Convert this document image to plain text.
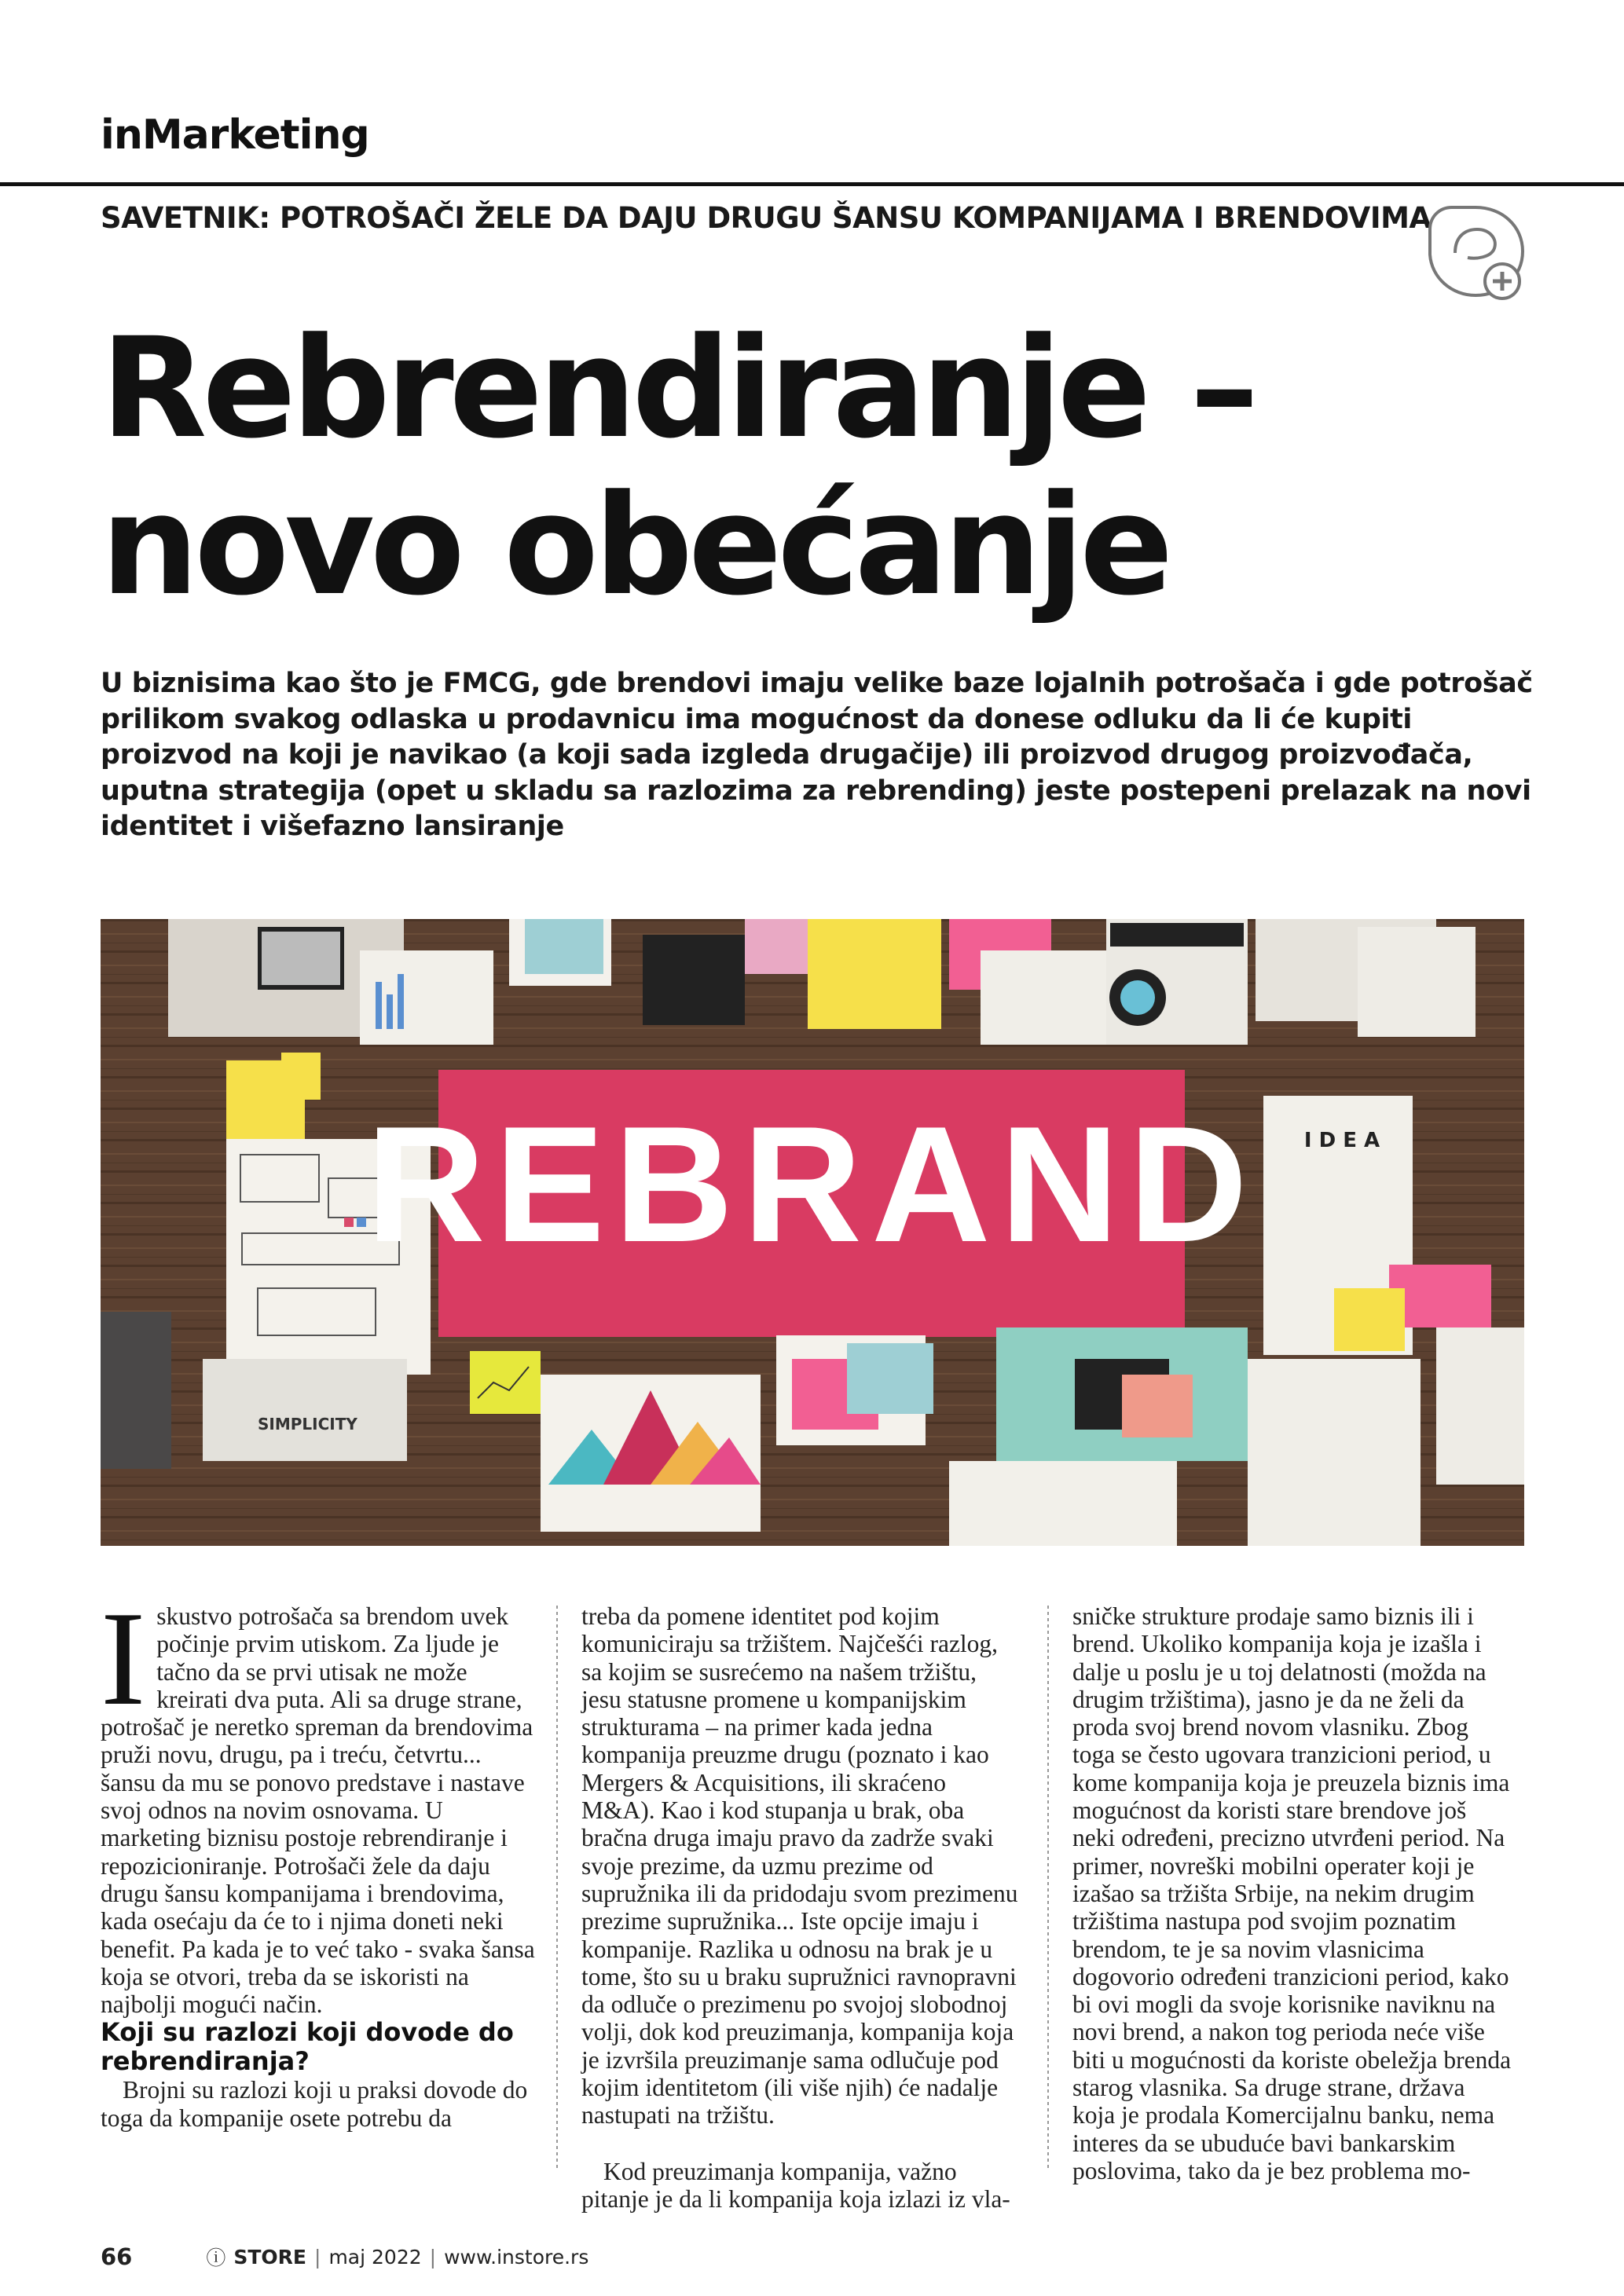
inMarketing
SAVETNIK: POTROŠAČI ŽELE DA DAJU DRUGU ŠANSU KOMPANIJAMA I BRENDOVIMA
Rebrendiranje –
novo obećanje

U biznisima kao što je FMCG, gde brendovi imaju velike baze lojalnih potrošača i gde potrošač prilikom svakog odlaska u prodavnicu ima mogućnost da donese odluku da li će kupiti proizvod na koji je navikao (a koji sada izgleda drugačije) ili proizvod drugog proizvođača, uputna strategija (opet u skladu sa razlozima za rebrending) jeste postepeni prelazak na novi identitet i višefazno lansiranje

REBRAND I D E A
SIMPLICITY

Iskustvo potrošača sa brendom uvek počinje prvim utiskom. Za ljude je tačno da se prvi utisak ne može kreirati dva puta. Ali sa druge strane, potrošač je neretko spreman da brendovima pruži novu, drugu, pa i treću, četvrtu... šansu da mu se ponovo predstave i nastave svoj odnos na novim osnovama. U marketing biznisu postoje rebrendiranje i repozicioniranje. Potrošači žele da daju drugu šansu kompanijama i brendovima, kada osećaju da će to i njima doneti neki benefit. Pa kada je to već tako - svaka šansa koja se otvori, treba da se iskoristi na najbolji mogući način.

Koji su razlozi koji dovode do rebrendiranja?

Brojni su razlozi koji u praksi dovode do toga da kompanije osete potrebu da

treba da pomene identitet pod kojim komuniciraju sa tržištem. Najčešći razlog, sa kojim se susrećemo na našem tržištu, jesu statusne promene u kompanijskim strukturama – na primer kada jedna kompanija preuzme drugu (poznato i kao Mergers & Acquisitions, ili skraćeno M&A). Kao i kod stupanja u brak, oba bračna druga imaju pravo da zadrže svaki svoje prezime, da uzmu prezime od supružnika ili da pridodaju svom prezimenu prezime supružnika... Iste opcije imaju i kompanije. Razlika u odnosu na brak je u tome, što su u braku supružnici ravnopravni da odluče o prezimenu po svojoj slobodnoj volji, dok kod preuzimanja, kompanija koja je izvršila preuzimanje sama odlučuje pod kojim identitetom (ili više njih) će nadalje nastupati na tržištu.

Kod preuzimanja kompanija, važno pitanje je da li kompanija koja izlazi iz vla-

sničke strukture prodaje samo biznis ili i brend. Ukoliko kompanija koja je izašla i dalje u poslu je u toj delatnosti (možda na drugim tržištima), jasno je da ne želi da proda svoj brend novom vlasniku. Zbog toga se često ugovara tranzicioni period, u kome kompanija koja je preuzela biznis ima mogućnost da koristi stare brendove još neki određeni, precizno utvrđeni period. Na primer, novreški mobilni operater koji je izašao sa tržišta Srbije, na nekim drugim tržištima nastupa pod svojim poznatim brendom, te je sa novim vlasnicima dogovorio određeni tranzicioni period, kako bi ovi mogli da svoje korisnike naviknu na novi brend, a nakon tog perioda neće više biti u mogućnosti da koriste obeležja brenda starog vlasnika. Sa druge strane, država koja je prodala Komercijalnu banku, nema interes da se ubuduće bavi bankarskim poslovima, tako da je bez problema mo-

66	ⓘ STORE | maj 2022 | www.instore.rs
